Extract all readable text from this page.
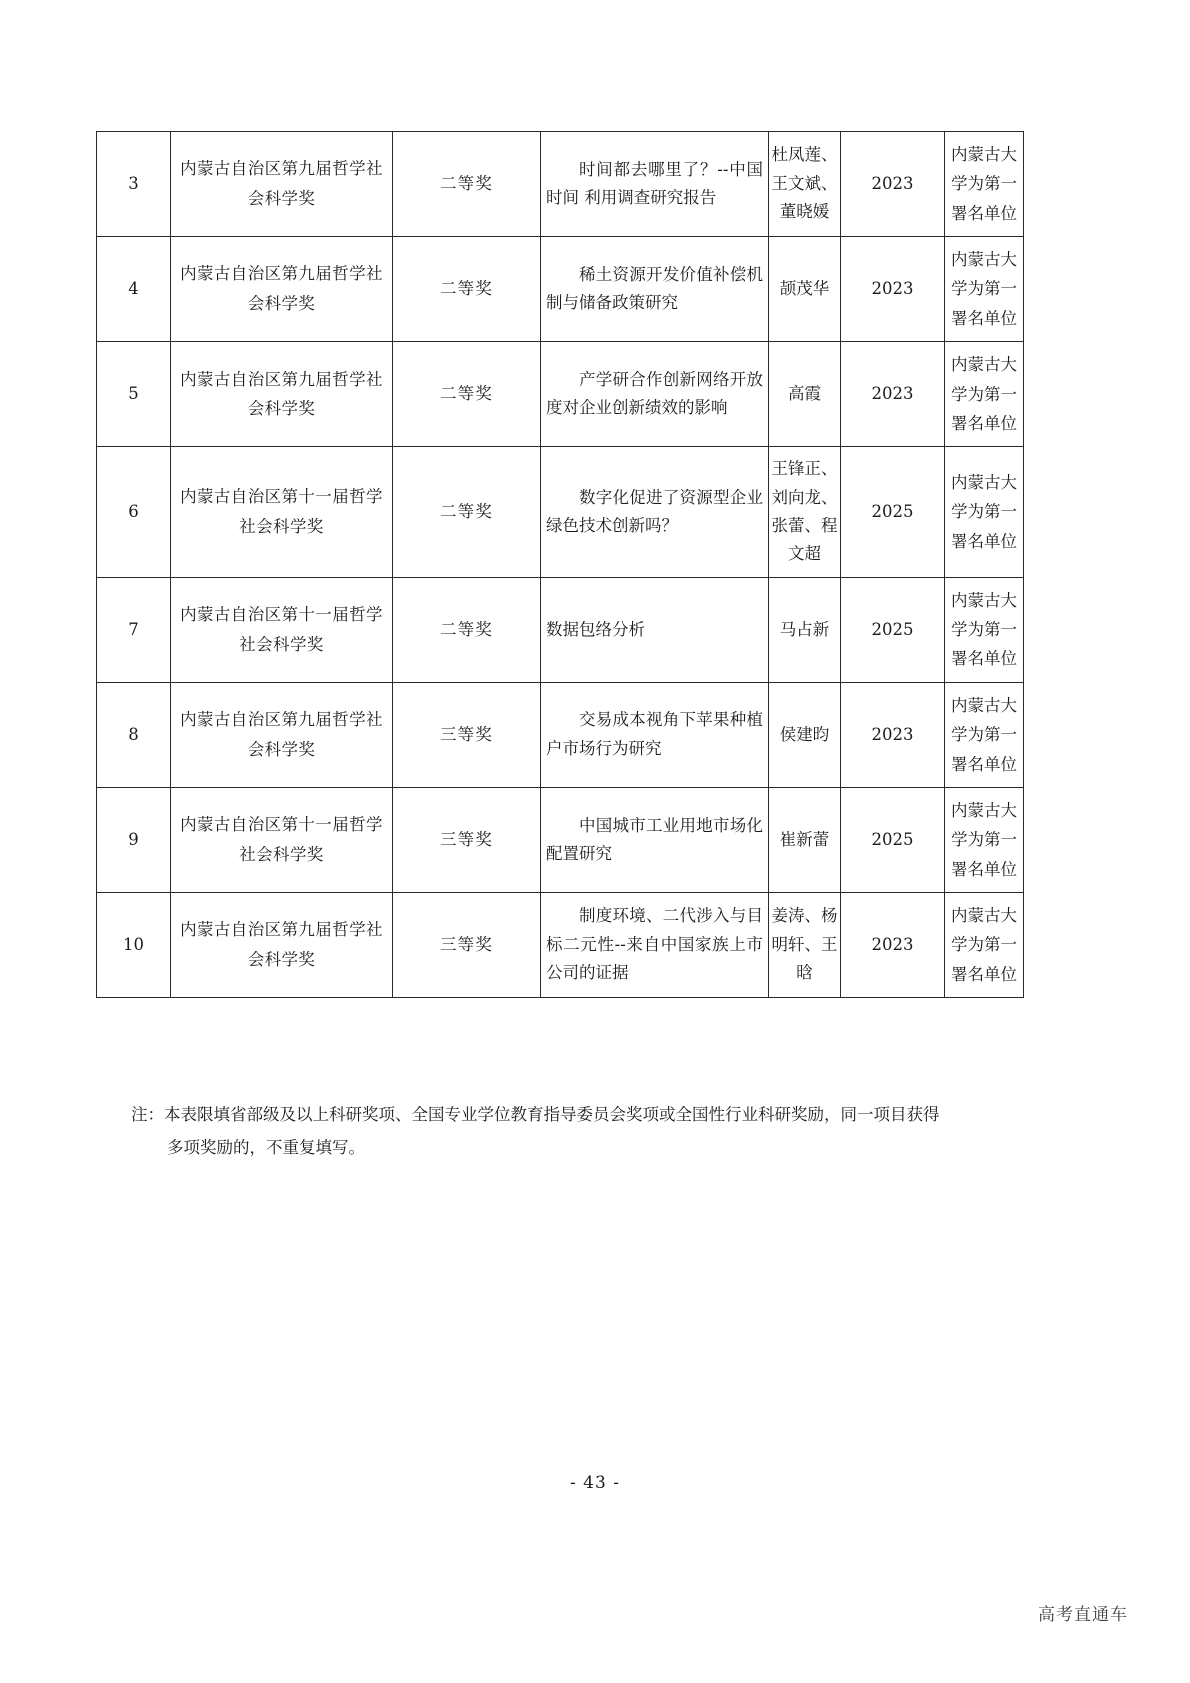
3	内蒙古自治区第九届哲学社会科学奖	二等奖	时间都去哪里了？--中国时间 利用调查研究报告	杜凤莲、王文斌、董晓媛	2023	内蒙古大学为第一署名单位

4	内蒙古自治区第九届哲学社会科学奖	二等奖	稀土资源开发价值补偿机制与储备政策研究	颉茂华	2023	内蒙古大学为第一署名单位

5	内蒙古自治区第九届哲学社会科学奖	二等奖	产学研合作创新网络开放度对企业创新绩效的影响	高霞	2023	内蒙古大学为第一署名单位

6	内蒙古自治区第十一届哲学社会科学奖	二等奖	数字化促进了资源型企业绿色技术创新吗？	王锋正、刘向龙、张蕾、程文超	2025	内蒙古大学为第一署名单位

7	内蒙古自治区第十一届哲学社会科学奖	二等奖	数据包络分析	马占新	2025	内蒙古大学为第一署名单位

8	内蒙古自治区第九届哲学社会科学奖	三等奖	交易成本视角下苹果种植户市场行为研究	侯建昀	2023	内蒙古大学为第一署名单位

9	内蒙古自治区第十一届哲学社会科学奖	三等奖	中国城市工业用地市场化配置研究	崔新蕾	2025	内蒙古大学为第一署名单位

10	内蒙古自治区第九届哲学社会科学奖	三等奖	制度环境、二代涉入与目标二元性--来自中国家族上市公司的证据	姜涛、杨明轩、王晗	2023	内蒙古大学为第一署名单位
注：本表限填省部级及以上科研奖项、全国专业学位教育指导委员会奖项或全国性行业科研奖励，同一项目获得
多项奖励的，不重复填写。
- 43 -
高考直通车
